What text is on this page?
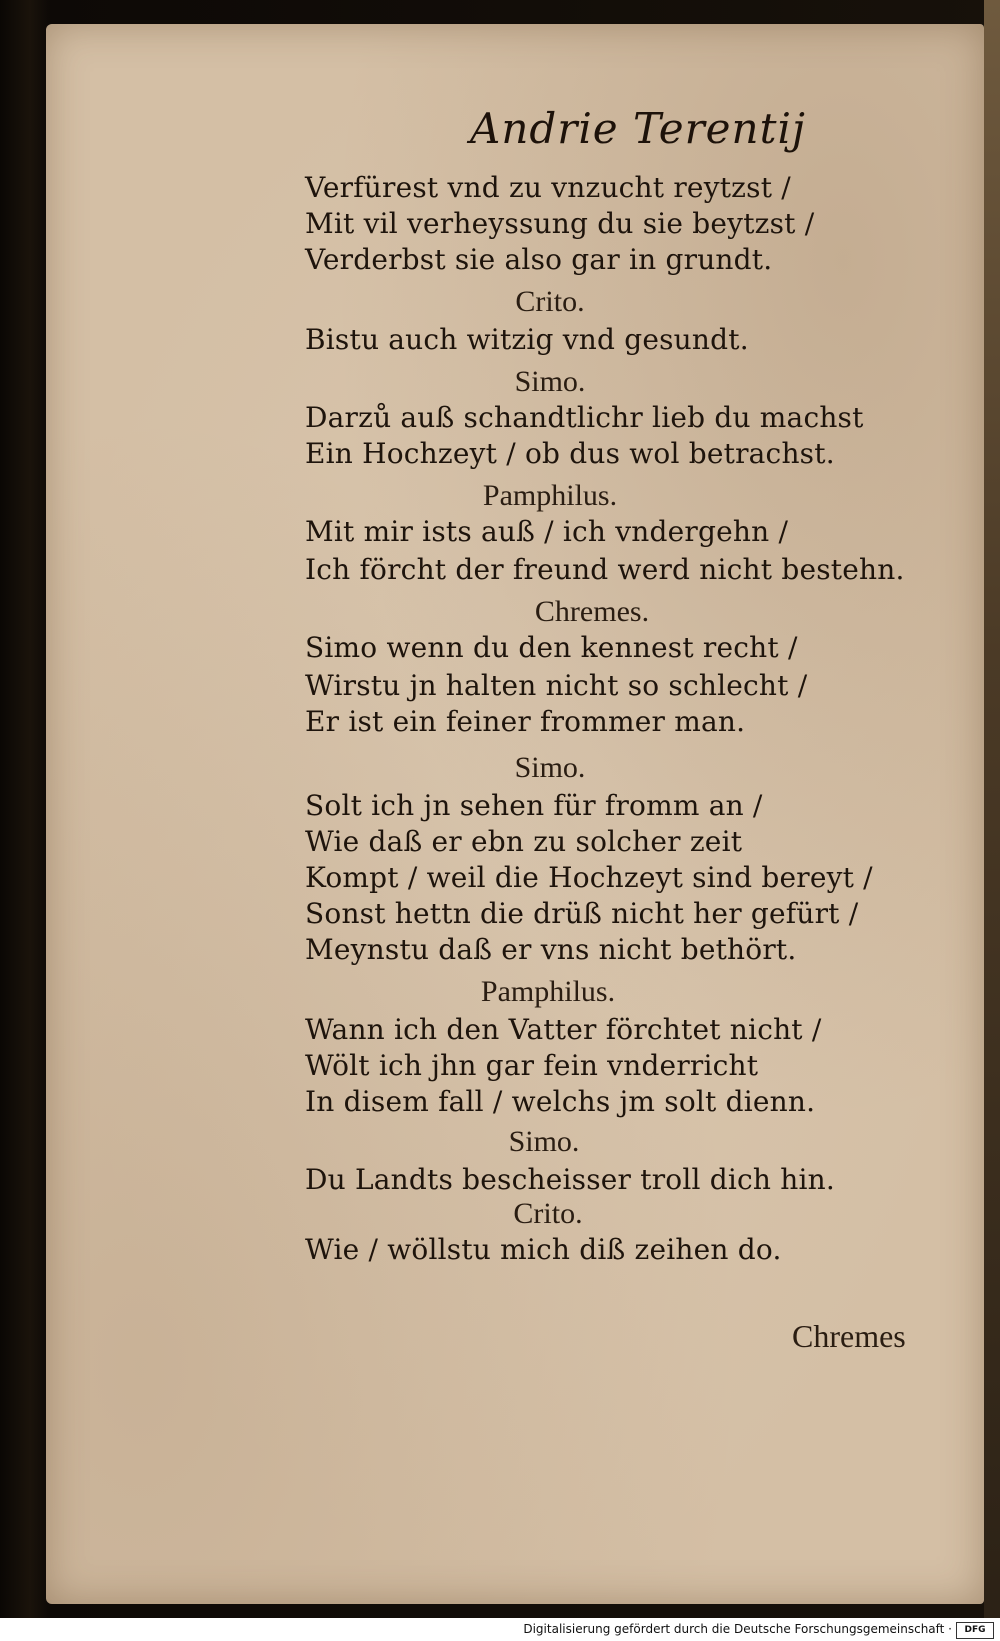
Andrie Terentij
Verfürest vnd zu vnzucht reytzst /
Mit vil verheyssung du sie beytzst /
Verderbst sie also gar in grundt.
Crito.
Bistu auch witzig vnd gesundt.
Simo.
Darzů auß schandtlichr lieb du machst
Ein Hochzeyt / ob dus wol betrachst.
Pamphilus.
Mit mir ists auß / ich vndergehn /
Ich förcht der freund werd nicht bestehn.
Chremes.
Simo wenn du den kennest recht /
Wirstu jn halten nicht so schlecht /
Er ist ein feiner frommer man.
Simo.
Solt ich jn sehen für fromm an /
Wie daß er ebn zu solcher zeit
Kompt / weil die Hochzeyt sind bereyt /
Sonst hettn die drüß nicht her gefürt /
Meynstu daß er vns nicht bethört.
Pamphilus.
Wann ich den Vatter förchtet nicht /
Wölt ich jhn gar fein vnderricht
In disem fall / welchs jm solt dienn.
Simo.
Du Landts bescheisser troll dich hin.
Crito.
Wie / wöllstu mich diß zeihen do.
Chremes
Digitalisierung gefördert durch die Deutsche Forschungsgemeinschaft ·	DFG
